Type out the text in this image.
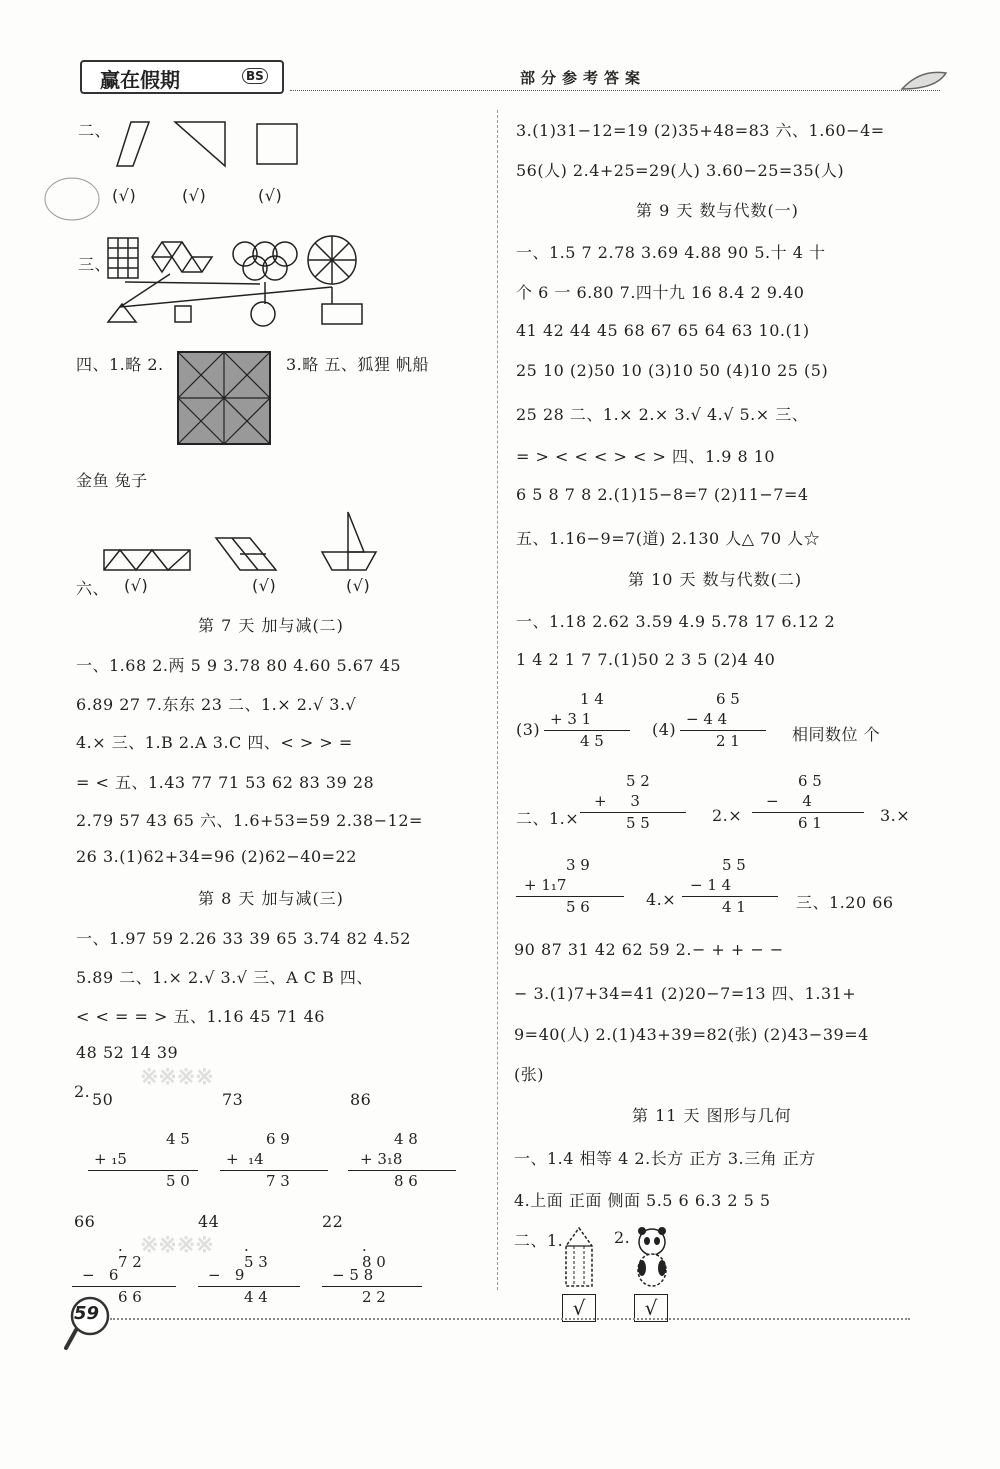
赢在假期	BS	部分参考答案
二、
(√)	(√)	(√)
三、
四、1.略 2.	3.略 五、狐狸 帆船
金鱼 兔子
六、 (√)	(√)	(√)
第 7 天 加与减(二)
一、1.68 2.两 5 9 3.78 80 4.60 5.67 45
6.89 27 7.东东 23 二、1.× 2.√ 3.√
4.× 三、1.B 2.A 3.C 四、< > > =
= < 五、1.43 77 71 53 62 83 39 28
2.79 57 43 65 六、1.6+53=59 2.38−12=
26 3.(1)62+34=96 (2)62−40=22
第 8 天 加与减(三)
一、1.97 59 2.26 33 39 65 3.74 82 4.52
5.89 二、1.× 2.√ 3.√ 三、A C B 四、
< < = = > 五、1.16 45 71 46
48 52 14 39
2. 50	73	86
※※※※
4 5
+ ₁5
5 0
6 9
+  ₁4
7 3
4 8
+ 3₁8
8 6
66	44	22
※※※※
·
7 2
−   6
6 6
·
5 3
−   9
4 4
·
8 0
− 5 8
2 2
3.(1)31−12=19 (2)35+48=83 六、1.60−4=
56(人) 2.4+25=29(人) 3.60−25=35(人)
第 9 天 数与代数(一)
一、1.5 7 2.78 3.69 4.88 90 5.十 4 十
个 6 一 6.80 7.四十九 16 8.4 2 9.40
41 42 44 45 68 67 65 64 63 10.(1)
25 10 (2)50 10 (3)10 50 (4)10 25 (5)
25 28 二、1.× 2.× 3.√ 4.√ 5.× 三、
= > < < < > < > 四、1.9 8 10
6 5 8 7 8 2.(1)15−8=7 (2)11−7=4
五、1.16−9=7(道) 2.130 人△ 70 人☆
第 10 天 数与代数(二)
一、1.18 2.62 3.59 4.9 5.78 17 6.12 2
1 4 2 1 7 7.(1)50 2 3 5 (2)4 40
(3)
1 4
+ 3 1
4 5
(4)
6 5
− 4 4
2 1	相同数位 个
二、1.×
5 2
+     3
5 5	2.×
6 5
−     4
6 1	3.×
3 9
+ 1₁7
5 6	4.×
5 5
− 1 4
4 1	三、1.20 66
90 87 31 42 62 59 2.− + + − −
− 3.(1)7+34=41 (2)20−7=13 四、1.31+
9=40(人) 2.(1)43+39=82(张) (2)43−39=4
(张)
第 11 天 图形与几何
一、1.4 相等 4 2.长方 正方 3.三角 正方
4.上面 正面 侧面 5.5 6 6.3 2 5 5
二、1.
√
2.
√
59
